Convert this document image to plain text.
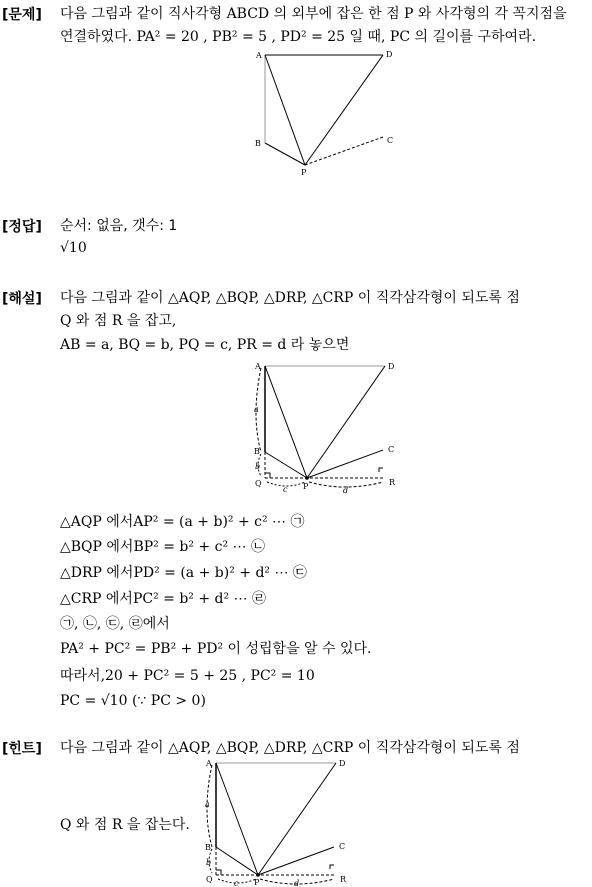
[문제] 다음 그림과 같이 직사각형 ABCD 의 외부에 잡은 한 점 P 와 사각형의 각 꼭지점을
연결하였다. PA² = 20 , PB² = 5 , PD² = 25 일 때, PC 의 길이를 구하여라.
A	D
B	C
P
[정답] 순서: 없음, 갯수: 1
√10
[해설] 다음 그림과 같이 △AQP, △BQP, △DRP, △CRP 이 직각삼각형이 되도록 점
Q 와 점 R 을 잡고,
AB = a, BQ = b, PQ = c, PR = d 라 놓으면
A	D
B	C
Q	P	R
a
b
c	d
△AQP 에서AP² = (a + b)² + c² ⋯ ㉠
△BQP 에서BP² = b² + c² ⋯ ㉡
△DRP 에서PD² = (a + b)² + d² ⋯ ㉢
△CRP 에서PC² = b² + d² ⋯ ㉣
㉠, ㉡, ㉢, ㉣에서
PA² + PC² = PB² + PD² 이 성립함을 알 수 있다.
따라서,20 + PC² = 5 + 25 , PC² = 10
PC = √10 (∵ PC > 0)
[힌트] 다음 그림과 같이 △AQP, △BQP, △DRP, △CRP 이 직각삼각형이 되도록 점
Q 와 점 R 을 잡는다.
A	D
B	C
Q	P	R
a
b
c	d
